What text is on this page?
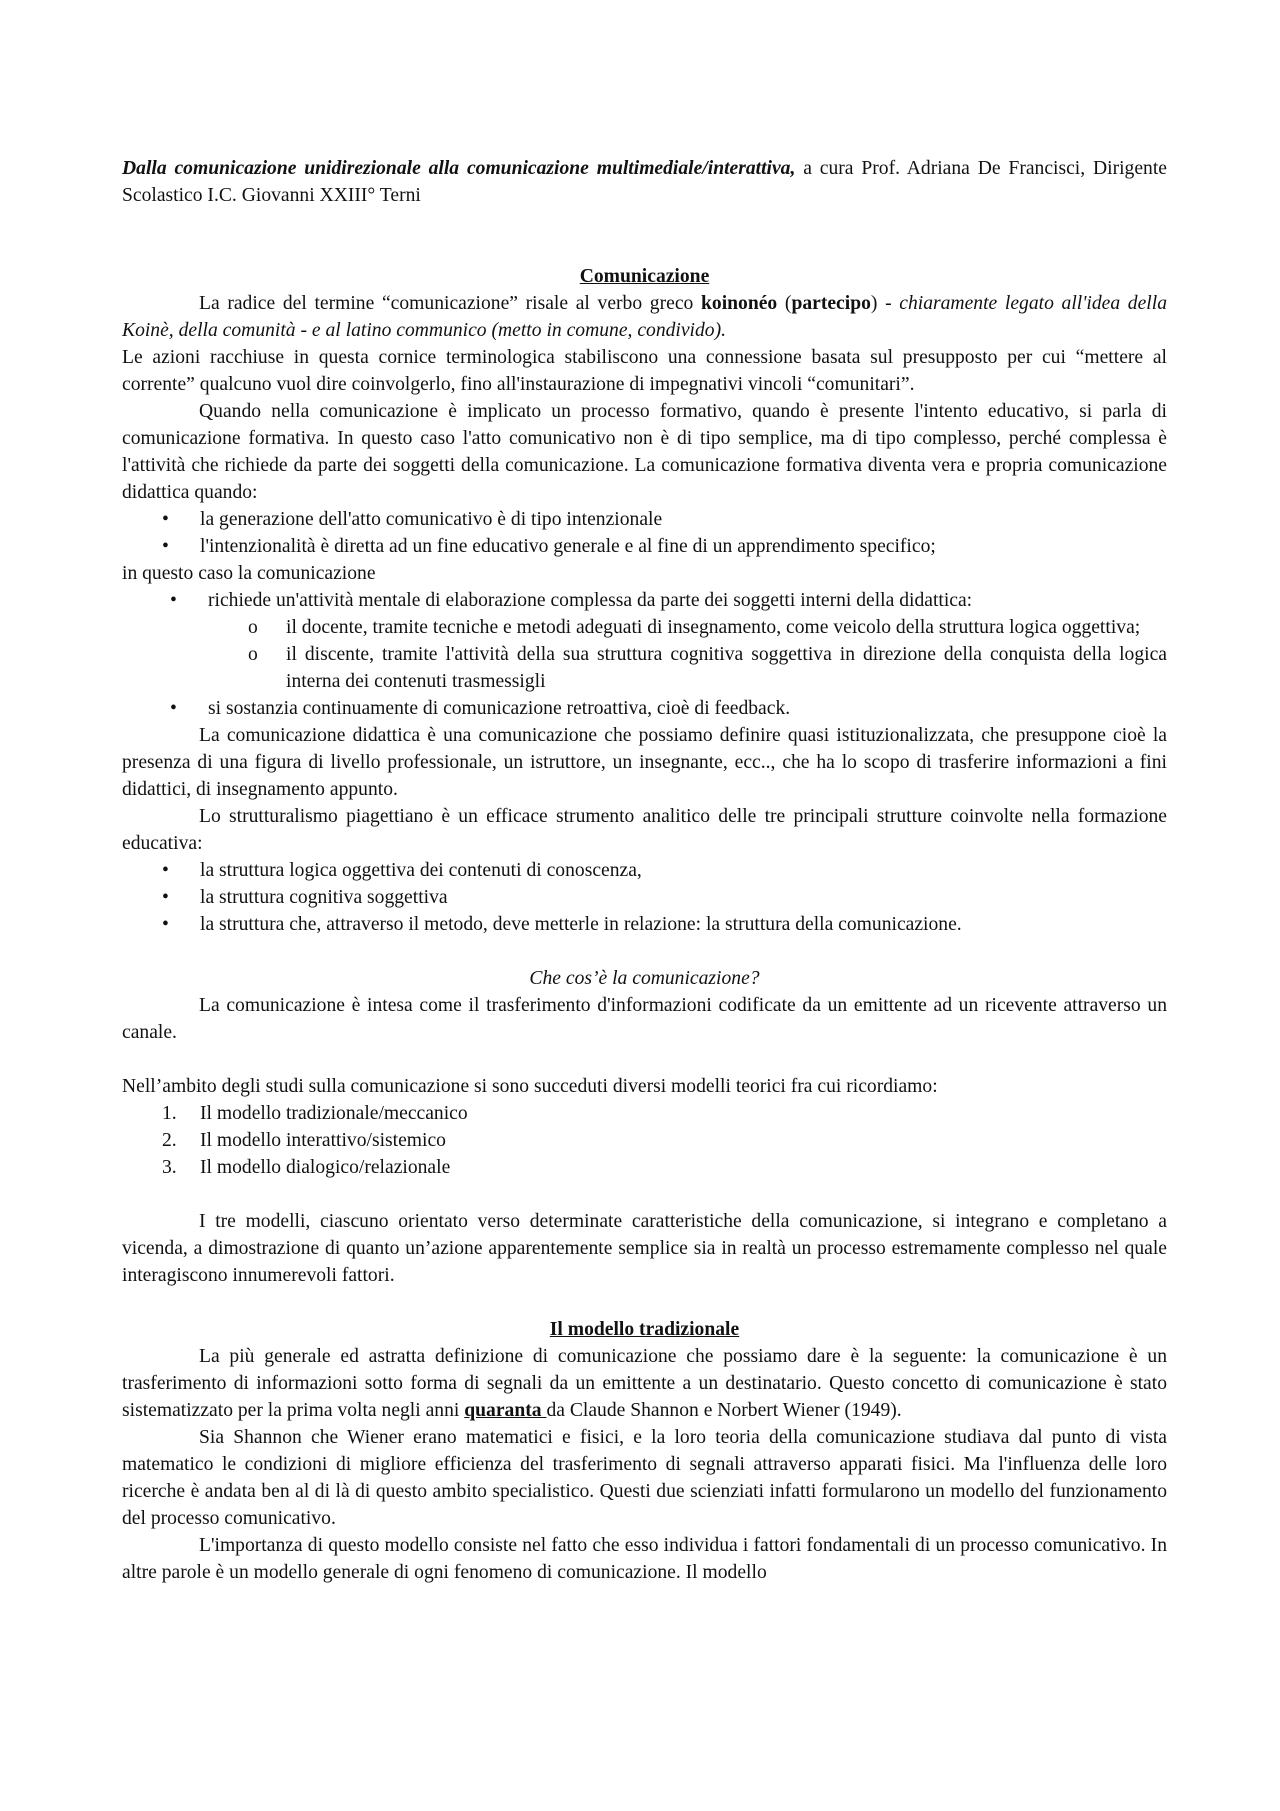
Dalla comunicazione unidirezionale alla comunicazione multimediale/interattiva, a cura Prof. Adriana De Francisci, Dirigente Scolastico I.C. Giovanni XXIII° Terni

Comunicazione

La radice del termine “comunicazione” risale al verbo greco koinonéo (partecipo) - chiaramente legato all'idea della Koinè, della comunità - e al latino communico (metto in comune, condivido).

Le azioni racchiuse in questa cornice terminologica stabiliscono una connessione basata sul presupposto per cui “mettere al corrente” qualcuno vuol dire coinvolgerlo, fino all'instaurazione di impegnativi vincoli “comunitari”.

Quando nella comunicazione è implicato un processo formativo, quando è presente l'intento educativo, si parla di comunicazione formativa. In questo caso l'atto comunicativo non è di tipo semplice, ma di tipo complesso, perché complessa è l'attività che richiede da parte dei soggetti della comunicazione. La comunicazione formativa diventa vera e propria comunicazione didattica quando:

• la generazione dell'atto comunicativo è di tipo intenzionale
• l'intenzionalità è diretta ad un fine educativo generale e al fine di un apprendimento specifico;

in questo caso la comunicazione

• richiede un'attività mentale di elaborazione complessa da parte dei soggetti interni della didattica:
o il docente, tramite tecniche e metodi adeguati di insegnamento, come veicolo della struttura logica oggettiva;
o il discente, tramite l'attività della sua struttura cognitiva soggettiva in direzione della conquista della logica interna dei contenuti trasmessigli
• si sostanzia continuamente di comunicazione retroattiva, cioè di feedback.

La comunicazione didattica è una comunicazione che possiamo definire quasi istituzionalizzata, che presuppone cioè la presenza di una figura di livello professionale, un istruttore, un insegnante, ecc.., che ha lo scopo di trasferire informazioni a fini didattici, di insegnamento appunto.

Lo strutturalismo piagettiano è un efficace strumento analitico delle tre principali strutture coinvolte nella formazione educativa:

• la struttura logica oggettiva dei contenuti di conoscenza,
• la struttura cognitiva soggettiva
• la struttura che, attraverso il metodo, deve metterle in relazione: la struttura della comunicazione.

Che cos’è la comunicazione?

La comunicazione è intesa come il trasferimento d'informazioni codificate da un emittente ad un ricevente attraverso un canale.

Nell’ambito degli studi sulla comunicazione si sono succeduti diversi modelli teorici fra cui ricordiamo:

1. Il modello tradizionale/meccanico
2. Il modello interattivo/sistemico
3. Il modello dialogico/relazionale

I tre modelli, ciascuno orientato verso determinate caratteristiche della comunicazione, si integrano e completano a vicenda, a dimostrazione di quanto un’azione apparentemente semplice sia in realtà un processo estremamente complesso nel quale interagiscono innumerevoli fattori.

Il modello tradizionale

La più generale ed astratta definizione di comunicazione che possiamo dare è la seguente: la comunicazione è un trasferimento di informazioni sotto forma di segnali da un emittente a un destinatario. Questo concetto di comunicazione è stato sistematizzato per la prima volta negli anni quaranta da Claude Shannon e Norbert Wiener (1949).

Sia Shannon che Wiener erano matematici e fisici, e la loro teoria della comunicazione studiava dal punto di vista matematico le condizioni di migliore efficienza del trasferimento di segnali attraverso apparati fisici. Ma l'influenza delle loro ricerche è andata ben al di là di questo ambito specialistico. Questi due scienziati infatti formularono un modello del funzionamento del processo comunicativo.

L'importanza di questo modello consiste nel fatto che esso individua i fattori fondamentali di un processo comunicativo. In altre parole è un modello generale di ogni fenomeno di comunicazione. Il modello
